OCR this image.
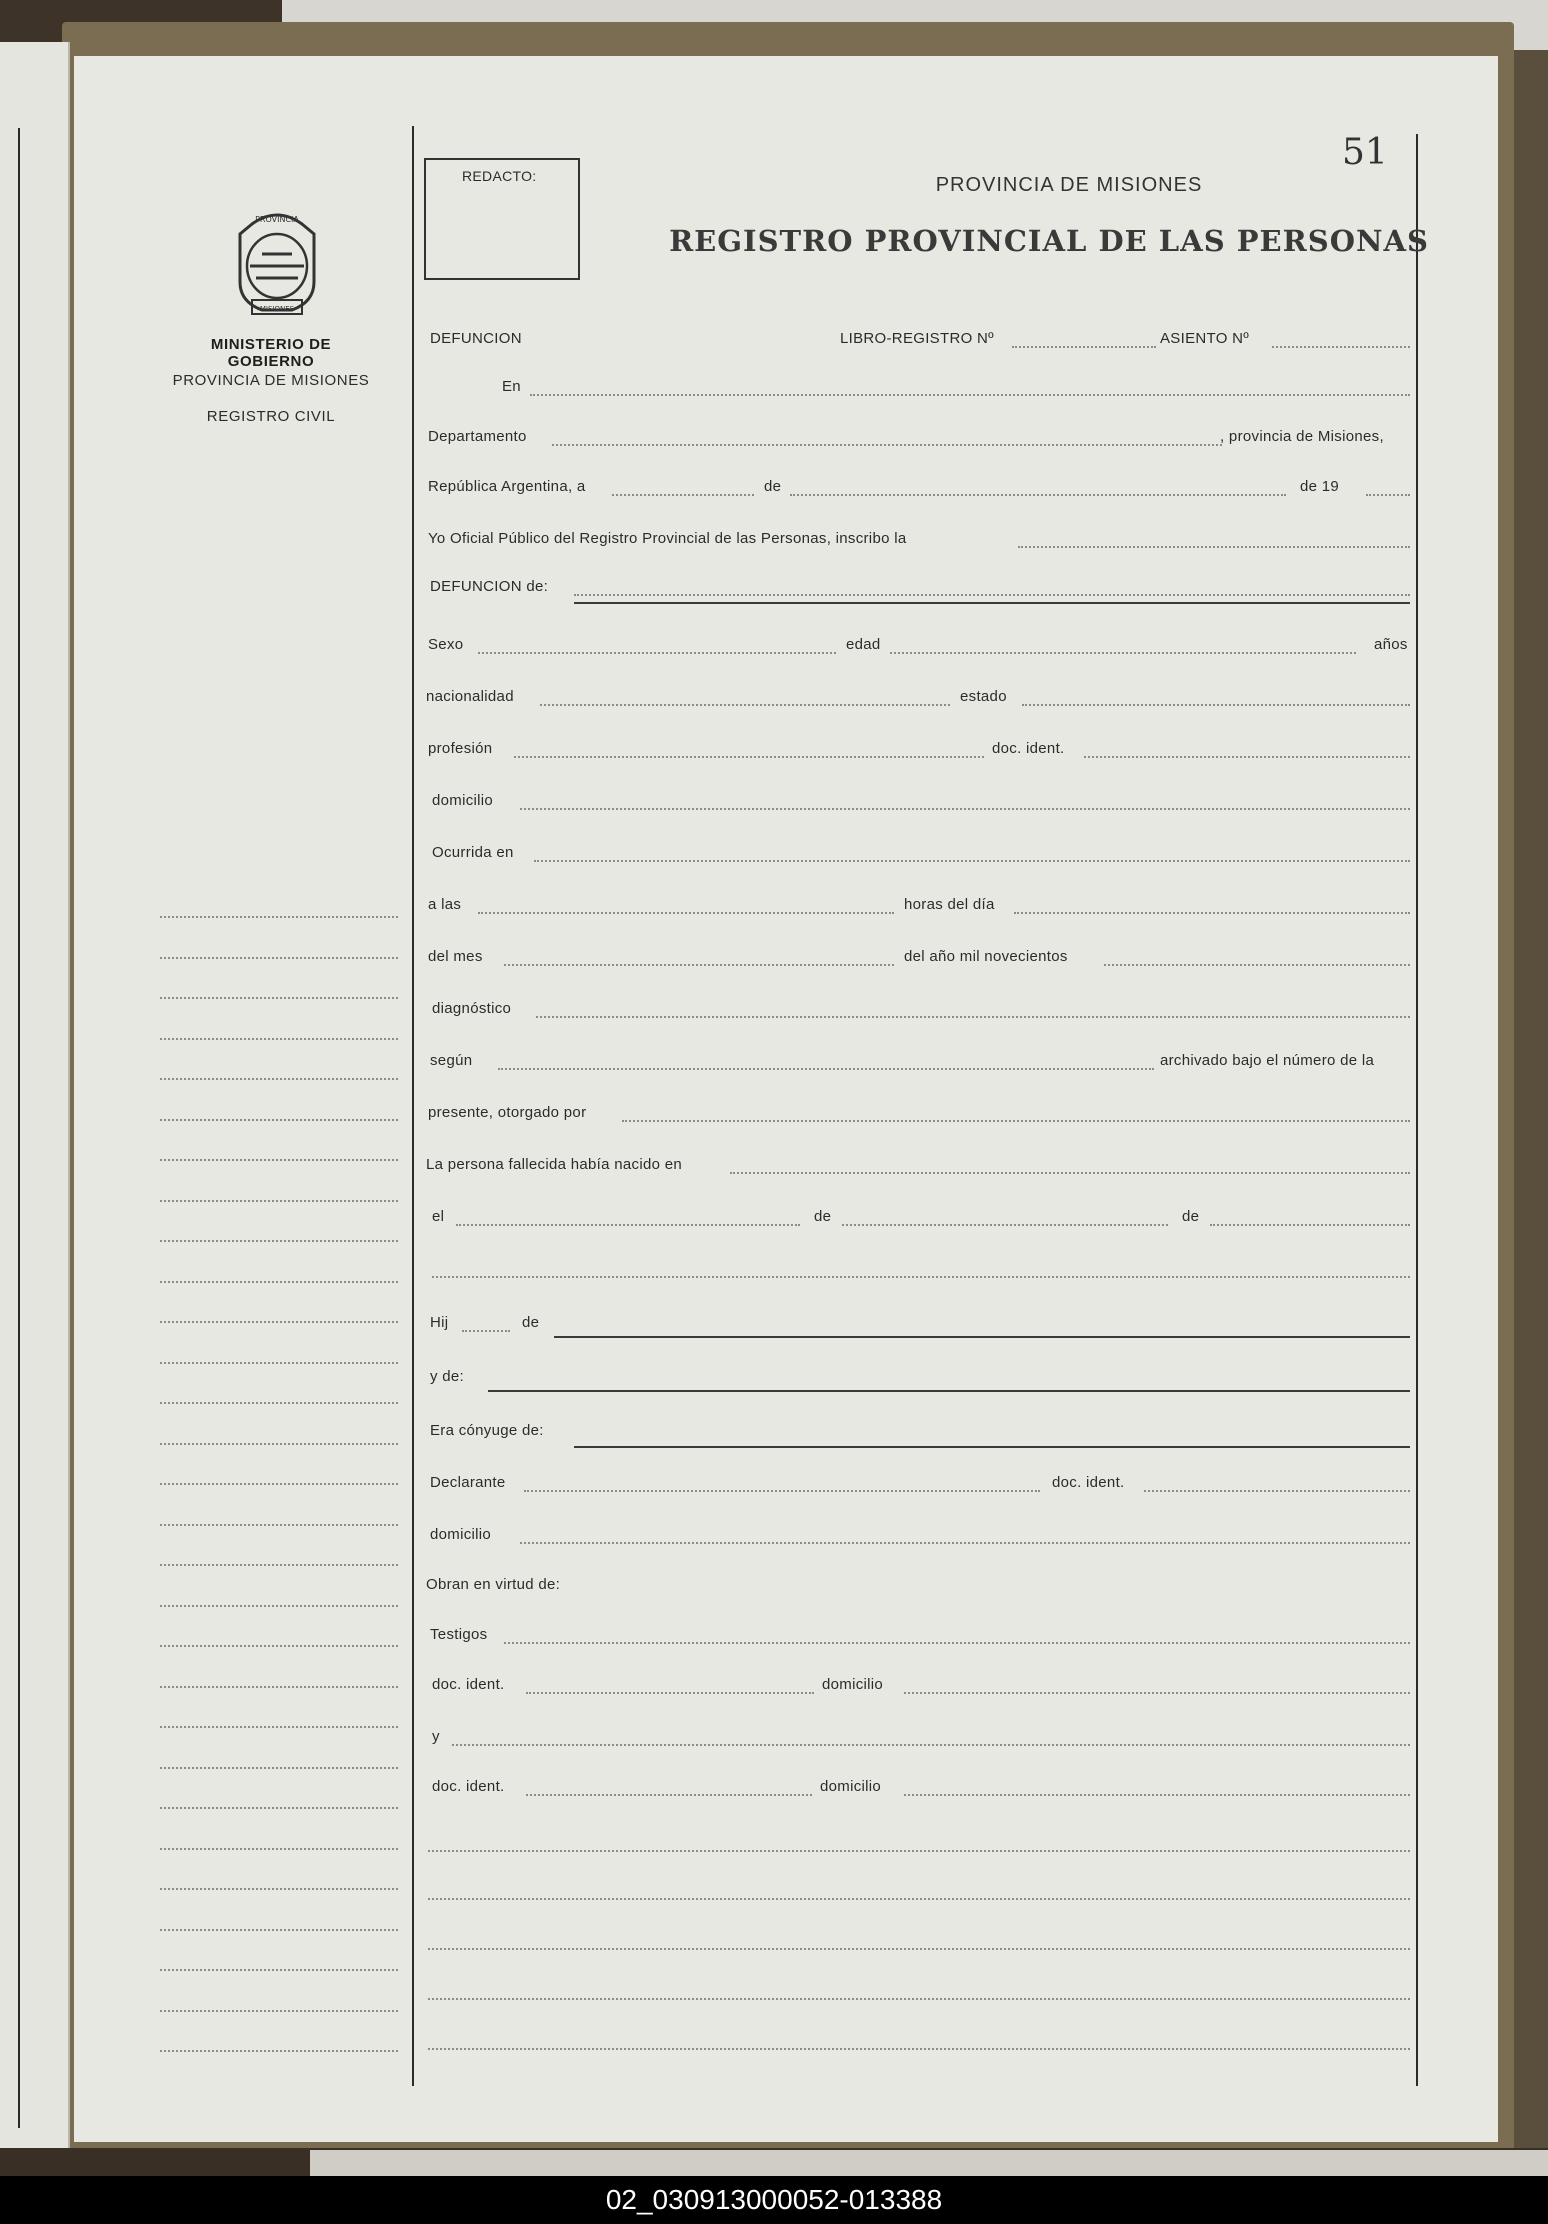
PROVINCIA
MISIONES
MINISTERIO DE GOBIERNO
PROVINCIA DE MISIONES
REGISTRO CIVIL
REDACTO:
51
PROVINCIA DE MISIONES
REGISTRO PROVINCIAL DE LAS PERSONAS
DEFUNCION	LIBRO-REGISTRO Nº	ASIENTO Nº
En
Departamento	, provincia de Misiones,
República Argentina, a	de	de 19
Yo Oficial Público del Registro Provincial de las Personas, inscribo la
DEFUNCION de:
Sexo	edad	años
nacionalidad	estado
profesión	doc. ident.
domicilio
Ocurrida en
a las	horas del día
del mes	del año mil novecientos
diagnóstico
según	archivado bajo el número de la
presente, otorgado por
La persona fallecida había nacido en
el	de	de
Hij	de
y de:
Era cónyuge de:
Declarante	doc. ident.
domicilio
Obran en virtud de:
Testigos
doc. ident.	domicilio
y
doc. ident.	domicilio
02_030913000052-013388
